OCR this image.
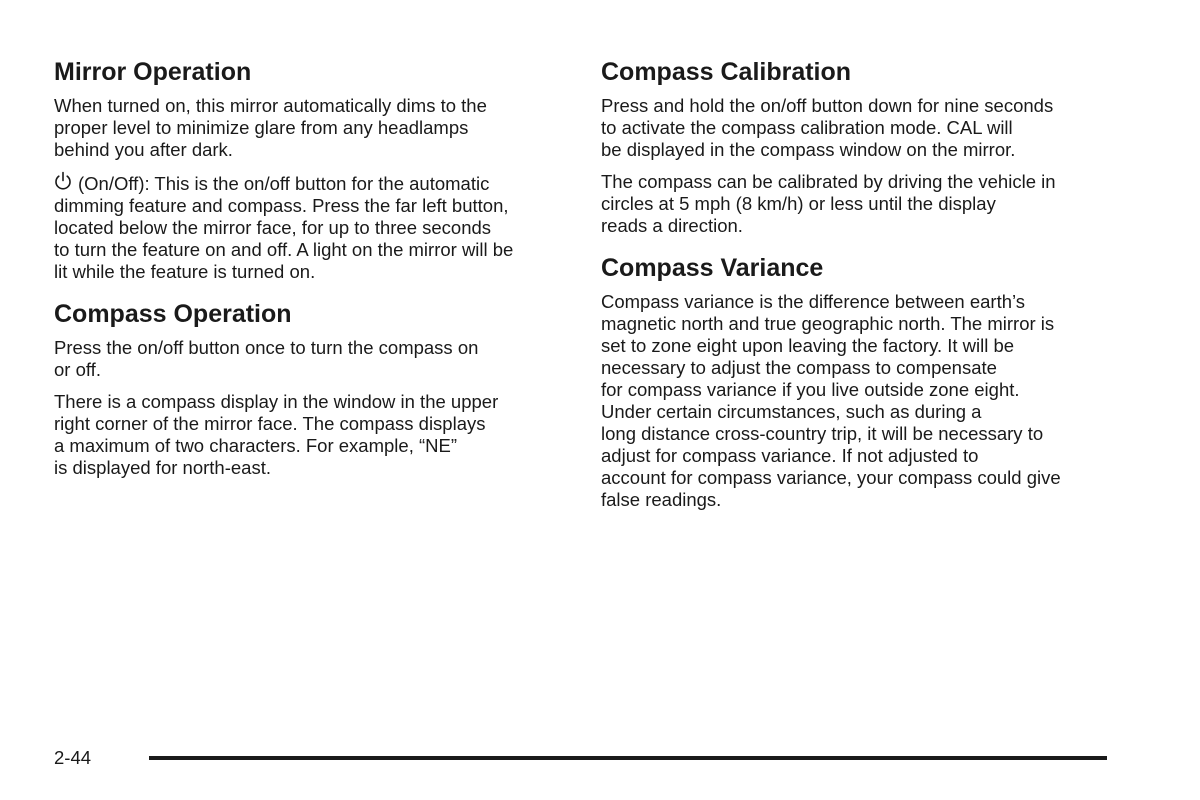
Mirror Operation

When turned on, this mirror automatically dims to the
proper level to minimize glare from any headlamps
behind you after dark.

(On/Off): This is the on/off button for the automatic
dimming feature and compass. Press the far left button,
located below the mirror face, for up to three seconds
to turn the feature on and off. A light on the mirror will be
lit while the feature is turned on.

Compass Operation

Press the on/off button once to turn the compass on
or off.

There is a compass display in the window in the upper
right corner of the mirror face. The compass displays
a maximum of two characters. For example, “NE”
is displayed for north-east.

Compass Calibration

Press and hold the on/off button down for nine seconds
to activate the compass calibration mode. CAL will
be displayed in the compass window on the mirror.

The compass can be calibrated by driving the vehicle in
circles at 5 mph (8 km/h) or less until the display
reads a direction.

Compass Variance

Compass variance is the difference between earth’s
magnetic north and true geographic north. The mirror is
set to zone eight upon leaving the factory. It will be
necessary to adjust the compass to compensate
for compass variance if you live outside zone eight.
Under certain circumstances, such as during a
long distance cross-country trip, it will be necessary to
adjust for compass variance. If not adjusted to
account for compass variance, your compass could give
false readings.

2-44
